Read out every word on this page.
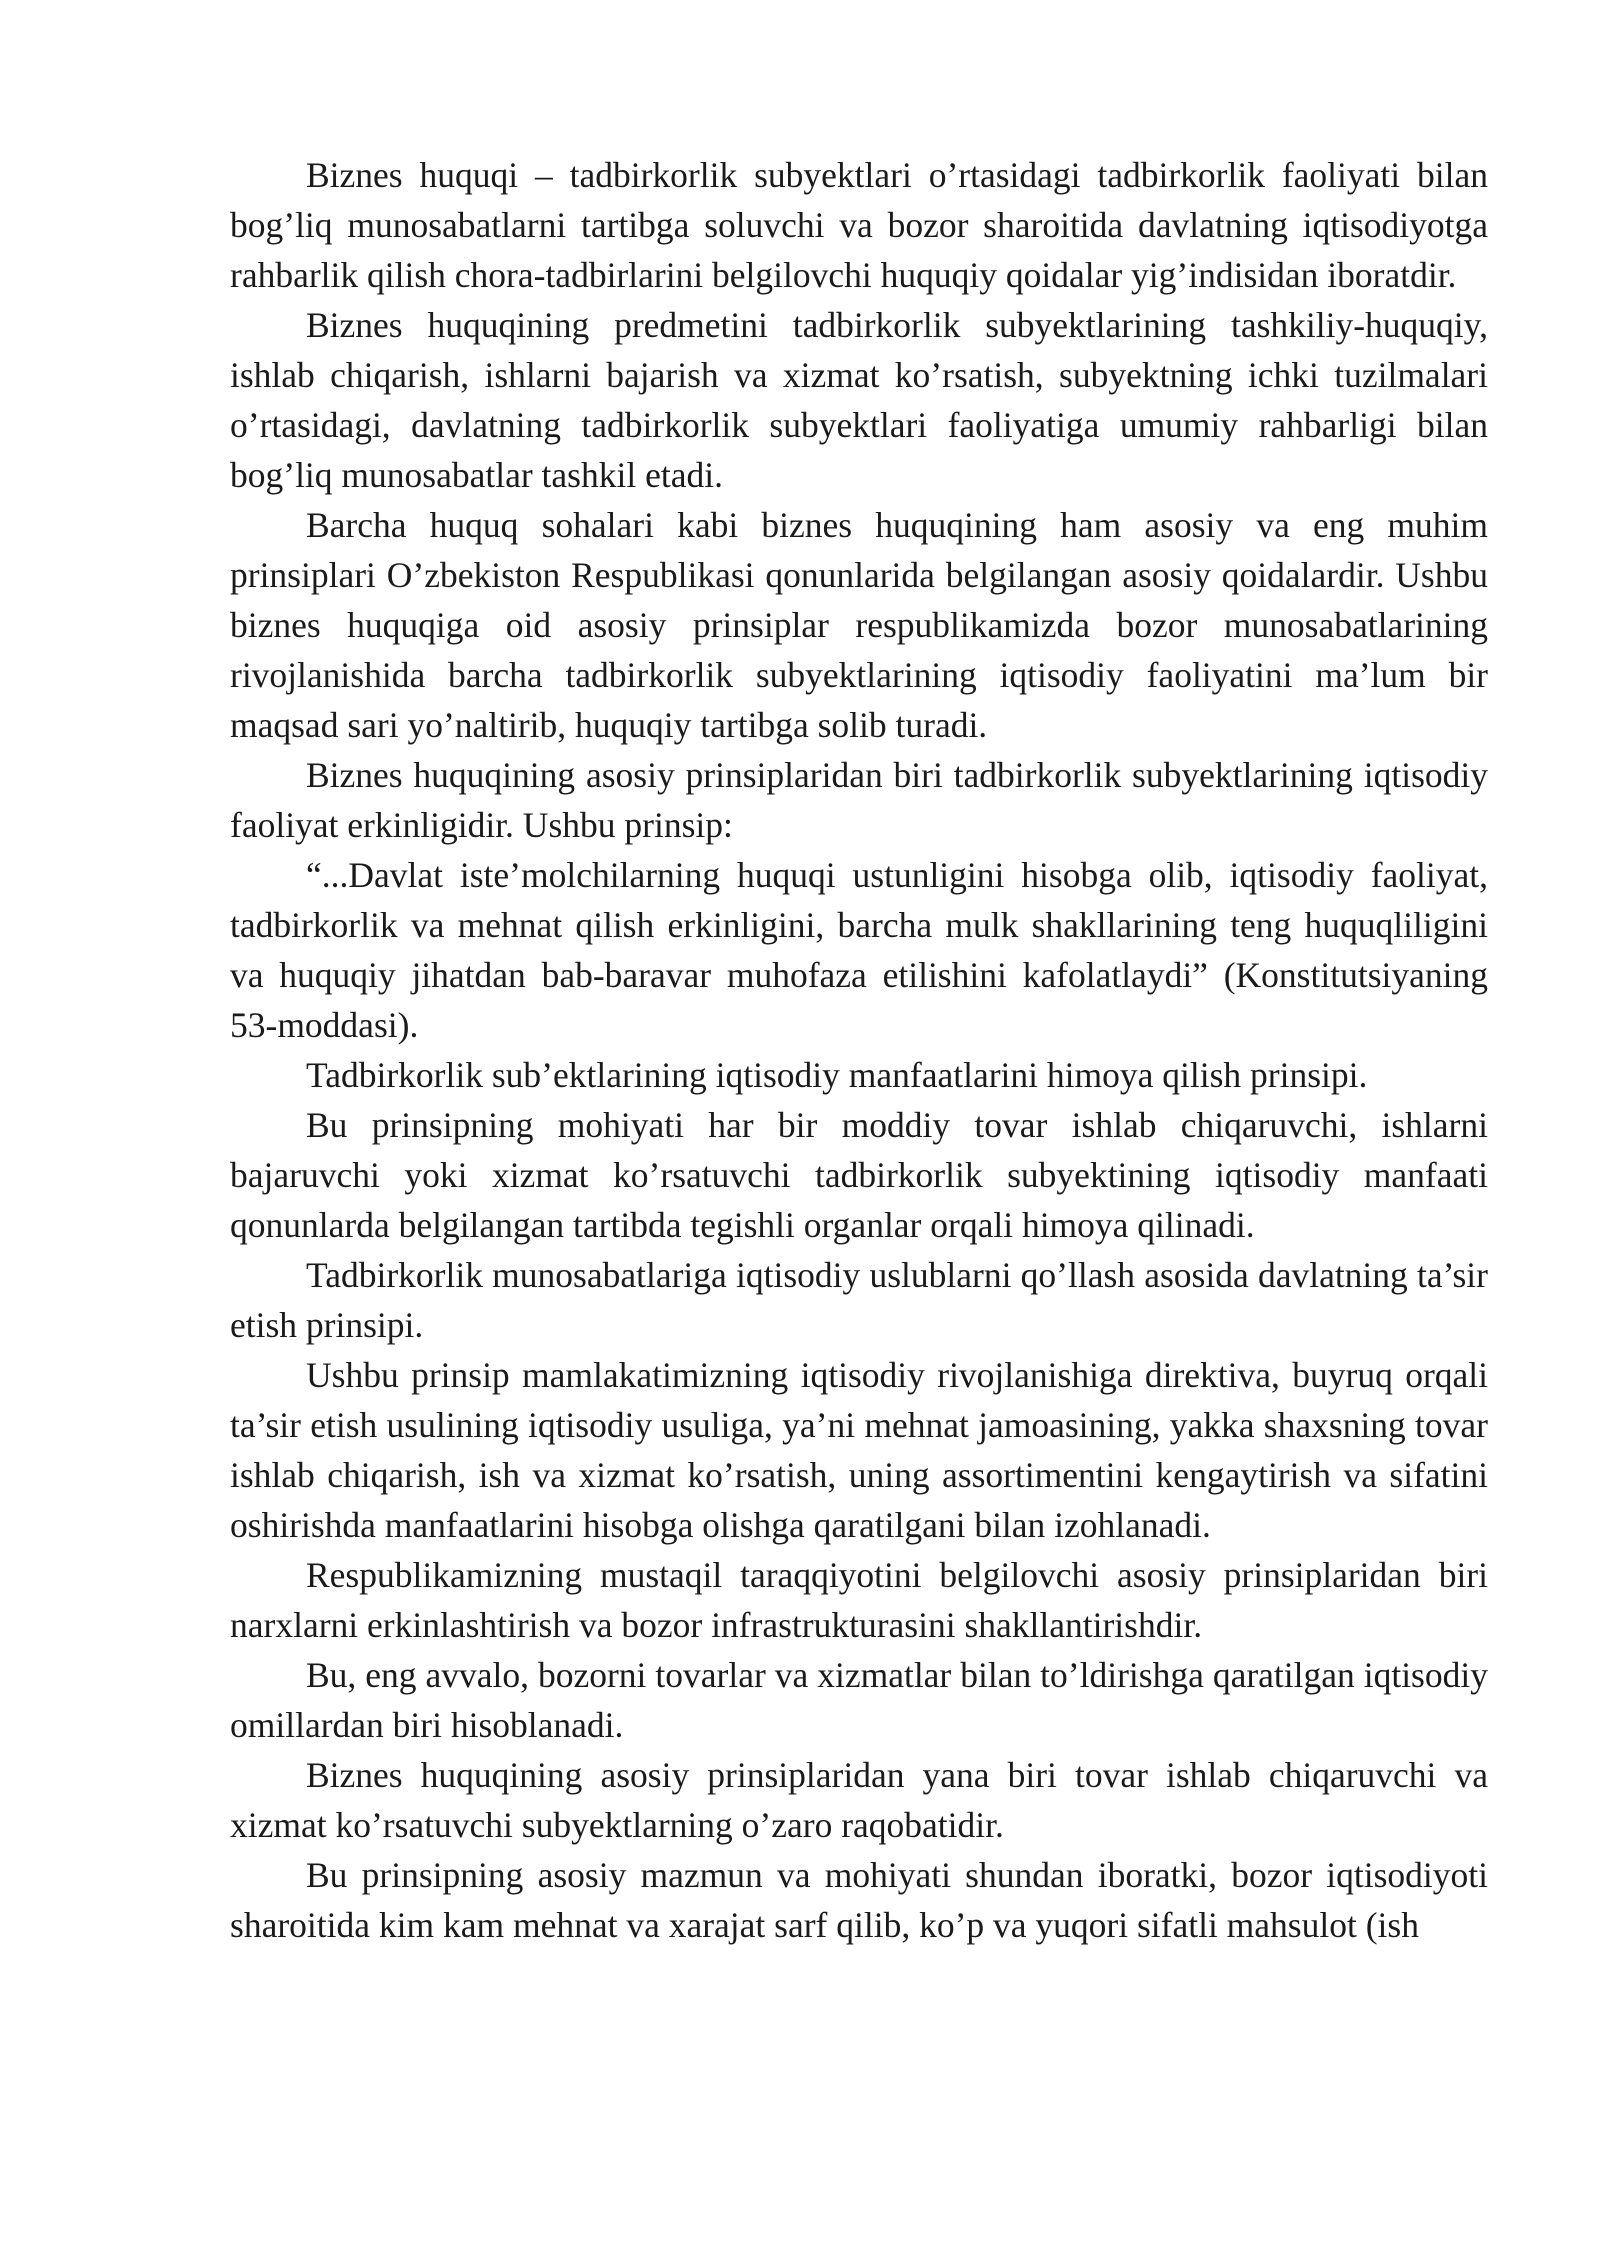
Biznes huquqi – tadbirkorlik subyektlari o’rtasidagi tadbirkorlik faoliyati bilan bog’liq munosabatlarni tartibga soluvchi va bozor sharoitida davlatning iqtisodiyotga rahbarlik qilish chora-tadbirlarini belgilovchi huquqiy qoidalar yig’indisidan iboratdir.

Biznes huquqining predmetini tadbirkorlik subyektlarining tashkiliy-huquqiy, ishlab chiqarish, ishlarni bajarish va xizmat ko’rsatish, subyektning ichki tuzilmalari o’rtasidagi, davlatning tadbirkorlik subyektlari faoliyatiga umumiy rahbarligi bilan bog’liq munosabatlar tashkil etadi.

Barcha huquq sohalari kabi biznes huquqining ham asosiy va eng muhim prinsiplari O’zbekiston Respublikasi qonunlarida belgilangan asosiy qoidalardir. Ushbu biznes huquqiga oid asosiy prinsiplar respublikamizda bozor munosabatlarining rivojlanishida barcha tadbirkorlik subyektlarining iqtisodiy faoliyatini ma’lum bir maqsad sari yo’naltirib, huquqiy tartibga solib turadi.

Biznes huquqining asosiy prinsiplaridan biri tadbirkorlik subyektlarining iqtisodiy faoliyat erkinligidir. Ushbu prinsip:

“...Davlat iste’molchilarning huquqi ustunligini hisobga olib, iqtisodiy faoliyat, tadbirkorlik va mehnat qilish erkinligini, barcha mulk shakllarining teng huquqliligini va huquqiy jihatdan bab-baravar muhofaza etilishini kafolatlaydi” (Konstitutsiyaning 53-moddasi).

Tadbirkorlik sub’ektlarining iqtisodiy manfaatlarini himoya qilish prinsipi.

Bu prinsipning mohiyati har bir moddiy tovar ishlab chiqaruvchi, ishlarni bajaruvchi yoki xizmat ko’rsatuvchi tadbirkorlik subyektining iqtisodiy manfaati qonunlarda belgilangan tartibda tegishli organlar orqali himoya qilinadi.

Tadbirkorlik munosabatlariga iqtisodiy uslublarni qo’llash asosida davlatning ta’sir etish prinsipi.

Ushbu prinsip mamlakatimizning iqtisodiy rivojlanishiga direktiva, buyruq orqali ta’sir etish usulining iqtisodiy usuliga, ya’ni mehnat jamoasining, yakka shaxsning tovar ishlab chiqarish, ish va xizmat ko’rsatish, uning assortimentini kengaytirish va sifatini oshirishda manfaatlarini hisobga olishga qaratilgani bilan izohlanadi.

Respublikamizning mustaqil taraqqiyotini belgilovchi asosiy prinsiplaridan biri narxlarni erkinlashtirish va bozor infrastrukturasini shakllantirishdir.

Bu, eng avvalo, bozorni tovarlar va xizmatlar bilan to’ldirishga qaratilgan iqtisodiy omillardan biri hisoblanadi.

Biznes huquqining asosiy prinsiplaridan yana biri tovar ishlab chiqaruvchi va xizmat ko’rsatuvchi subyektlarning o’zaro raqobatidir.

Bu prinsipning asosiy mazmun va mohiyati shundan iboratki, bozor iqtisodiyoti sharoitida kim kam mehnat va xarajat sarf qilib, ko’p va yuqori sifatli mahsulot (ish
